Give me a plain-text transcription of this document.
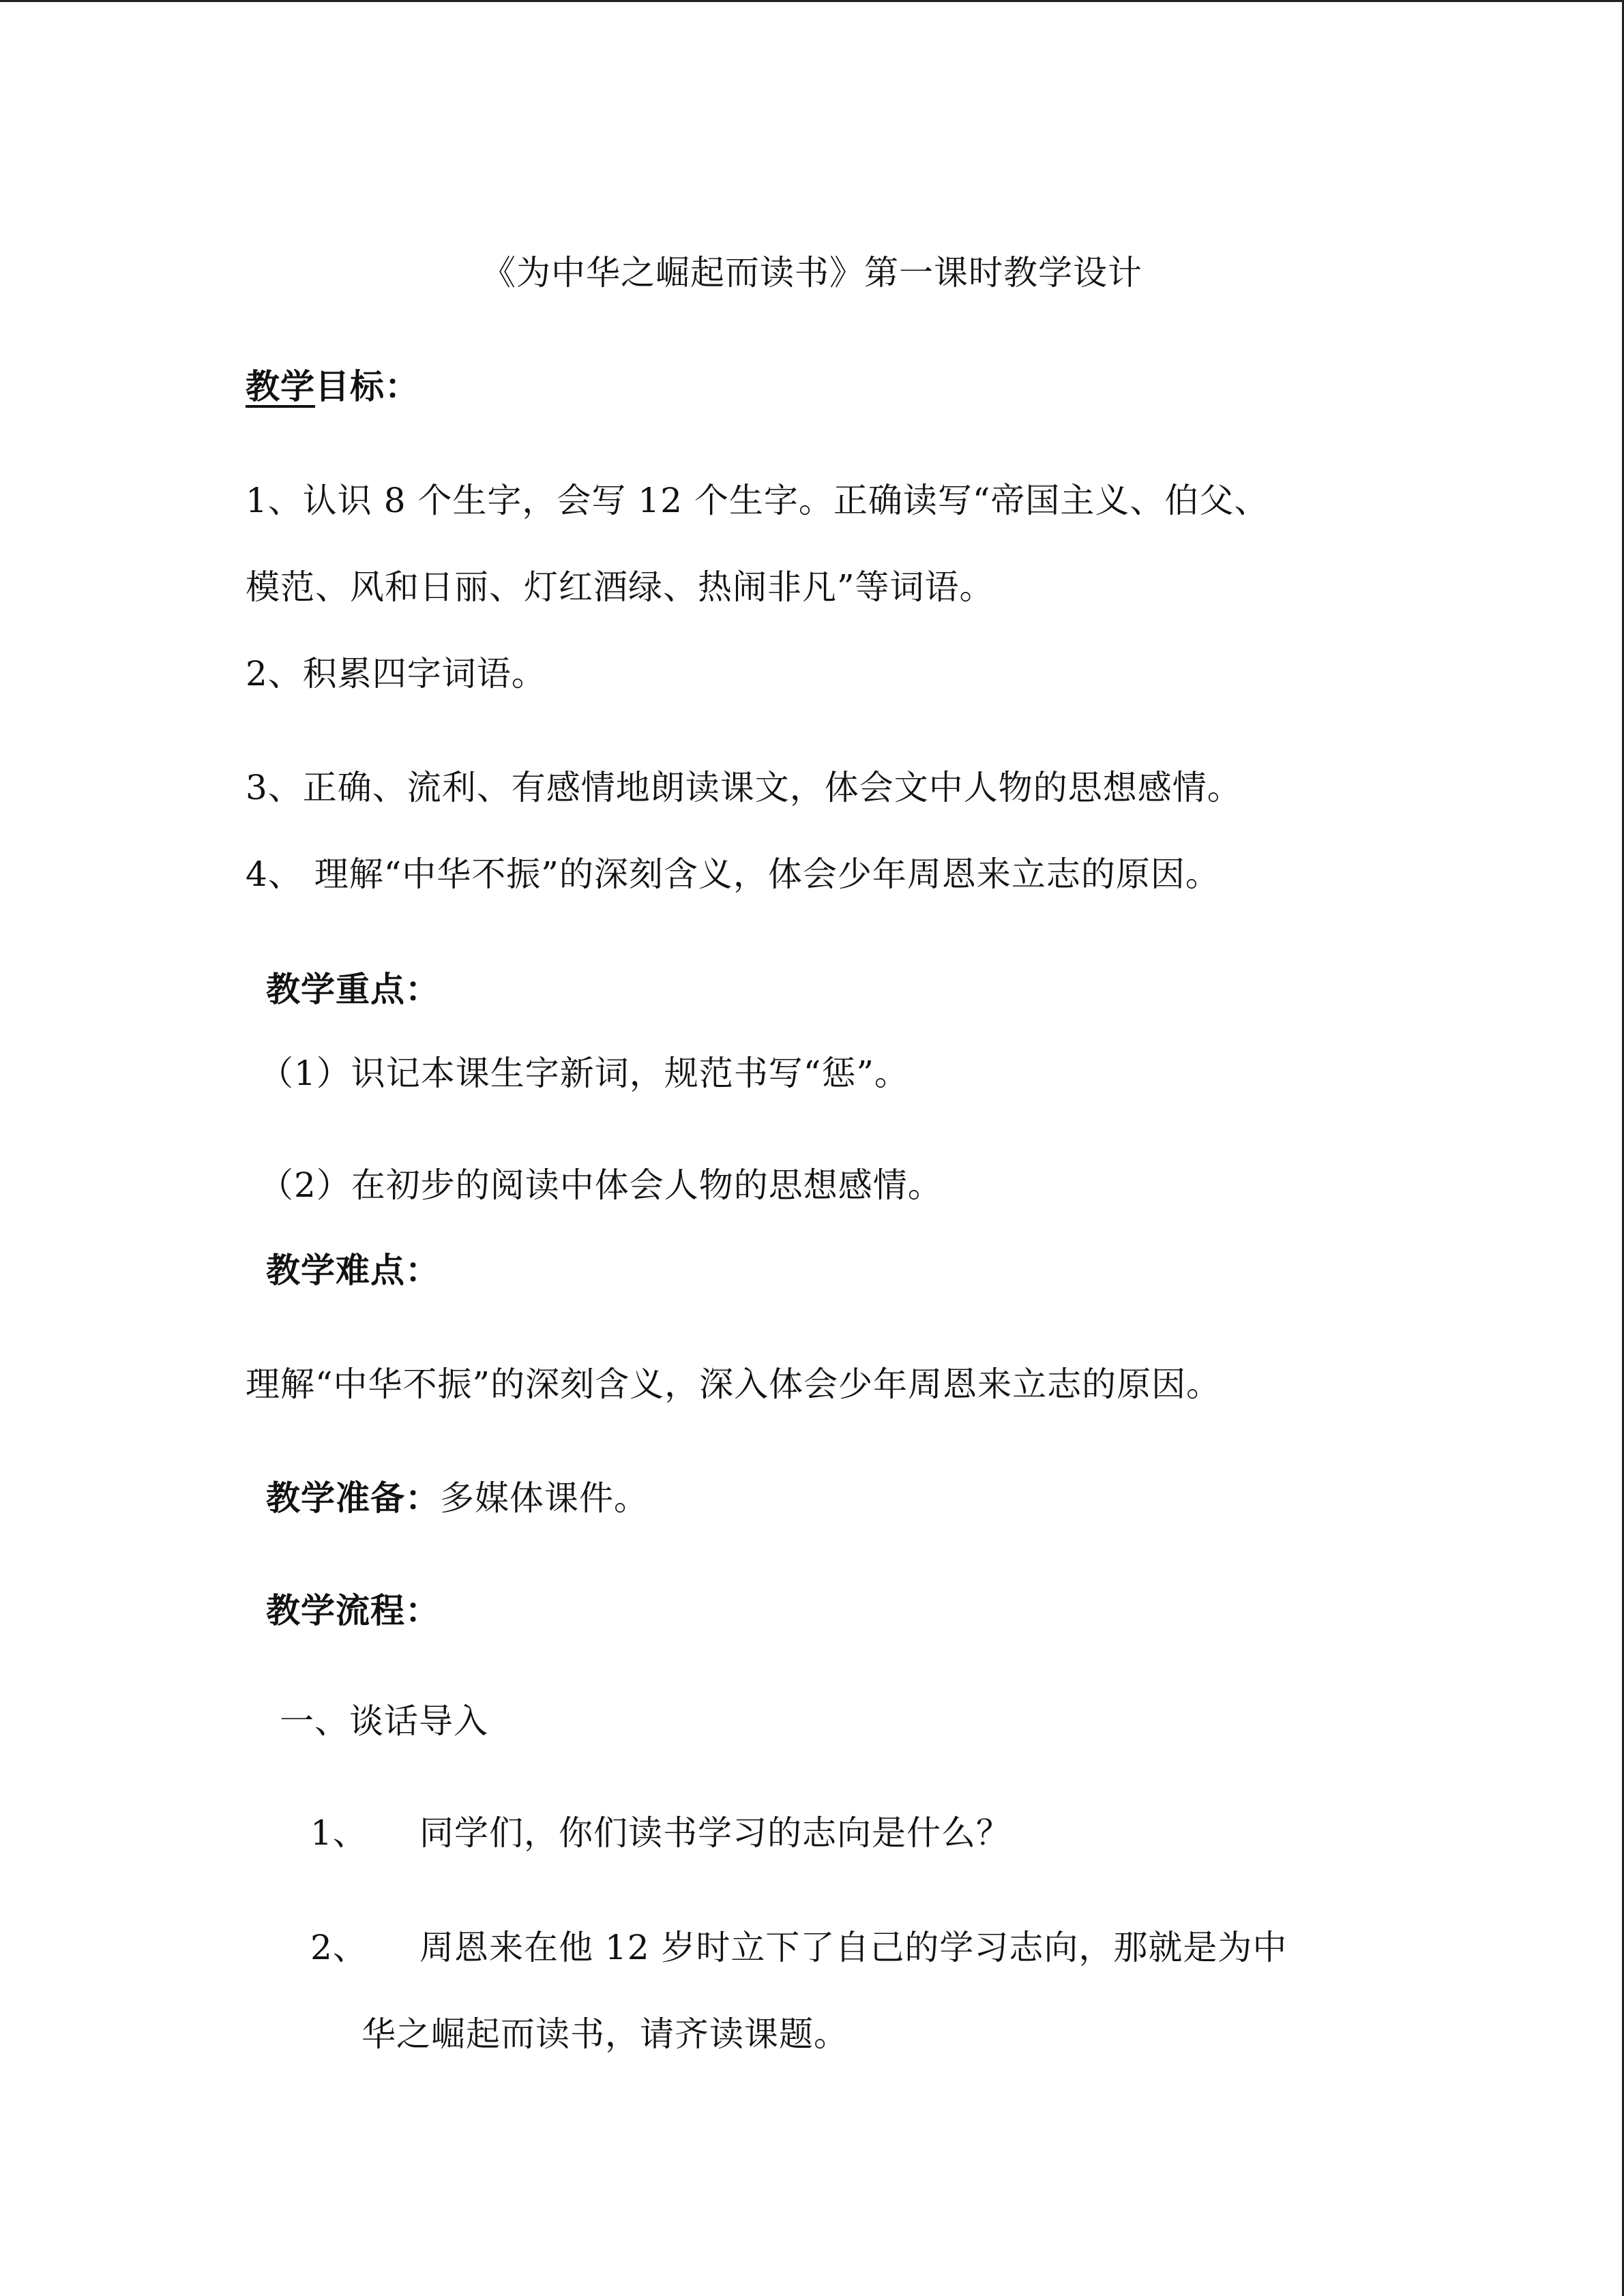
《为中华之崛起而读书》第一课时教学设计
教学目标：
1、认识 8 个生字，会写 12 个生字。正确读写“帝国主义、伯父、
模范、风和日丽、灯红酒绿、热闹非凡”等词语。
2、积累四字词语。
3、正确、流利、有感情地朗读课文，体会文中人物的思想感情。
4、 理解“中华不振”的深刻含义，体会少年周恩来立志的原因。
教学重点：
（1）识记本课生字新词，规范书写“惩”。
（2）在初步的阅读中体会人物的思想感情。
教学难点：
理解“中华不振”的深刻含义，深入体会少年周恩来立志的原因。
教学准备：多媒体课件。
教学流程：
一、谈话导入
1、 同学们，你们读书学习的志向是什么？
2、 周恩来在他 12 岁时立下了自己的学习志向，那就是为中
华之崛起而读书，请齐读课题。
